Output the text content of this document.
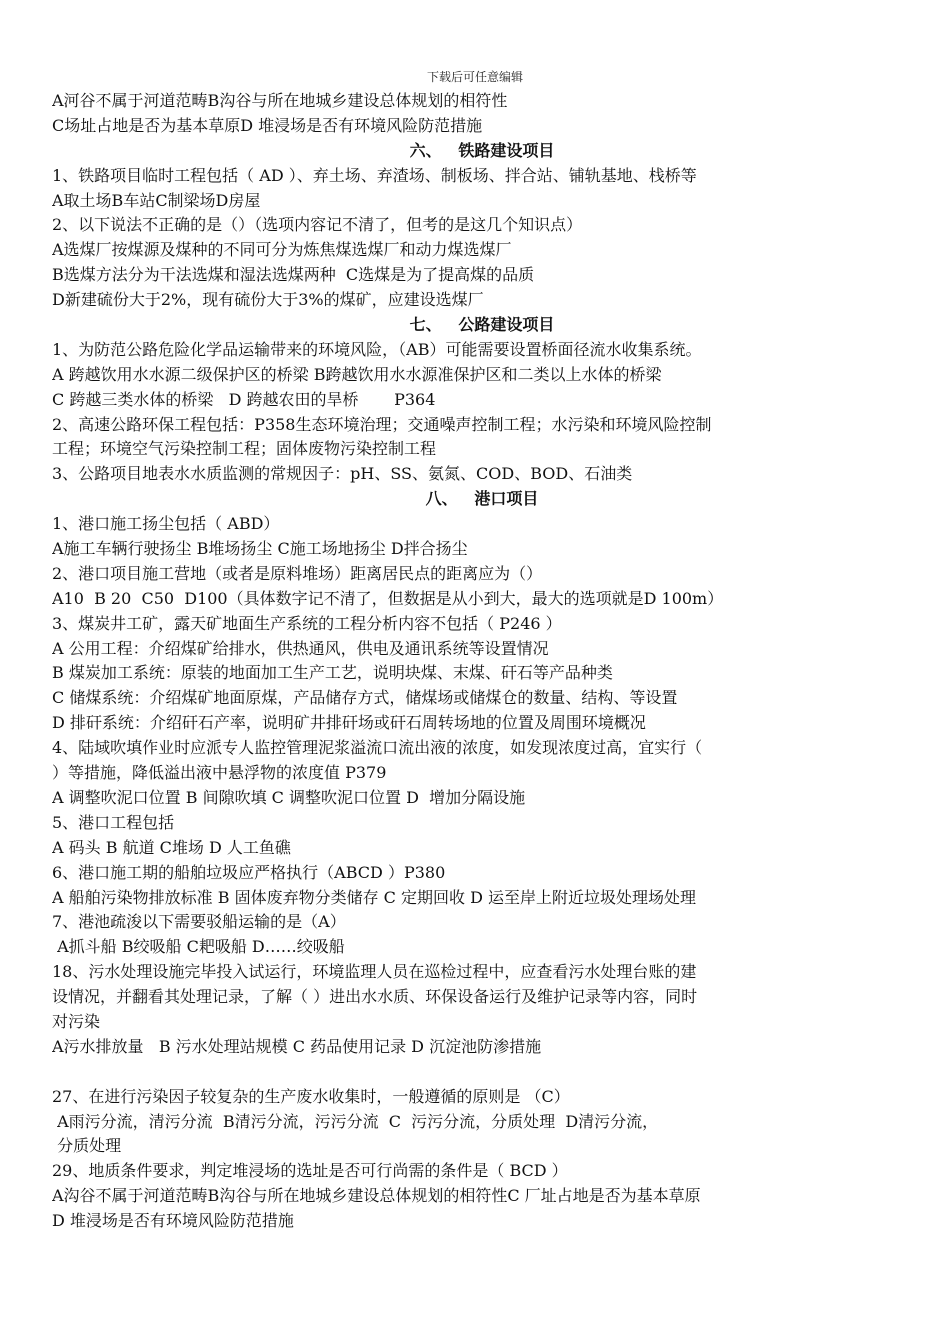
下载后可任意编辑
A河谷不属于河道范畴B沟谷与所在地城乡建设总体规划的相符性
C场址占地是否为基本草原D 堆浸场是否有环境风险防范措施
六、   铁路建设项目
1、铁路项目临时工程包括（ AD ）、弃土场、弃渣场、制板场、拌合站、铺轨基地、栈桥等
A取土场B车站C制梁场D房屋
2、以下说法不正确的是（）（选项内容记不清了，但考的是这几个知识点）
A选煤厂按煤源及煤种的不同可分为炼焦煤选煤厂和动力煤选煤厂
B选煤方法分为干法选煤和湿法选煤两种  C选煤是为了提高煤的品质
D新建硫份大于2%，现有硫份大于3%的煤矿，应建设选煤厂
七、   公路建设项目
1、为防范公路危险化学品运输带来的环境风险，（AB）可能需要设置桥面径流水收集系统。
A 跨越饮用水水源二级保护区的桥梁 B跨越饮用水水源准保护区和二类以上水体的桥梁
C 跨越三类水体的桥梁   D 跨越农田的旱桥       P364
2、高速公路环保工程包括：P358生态环境治理；交通噪声控制工程；水污染和环境风险控制
工程；环境空气污染控制工程；固体废物污染控制工程
3、公路项目地表水水质监测的常规因子：pH、SS、氨氮、COD、BOD、石油类
八、   港口项目
1、港口施工扬尘包括（ ABD）
A施工车辆行驶扬尘 B堆场扬尘 C施工场地扬尘 D拌合扬尘
2、港口项目施工营地（或者是原料堆场）距离居民点的距离应为（）
A10  B 20  C50  D100（具体数字记不清了，但数据是从小到大，最大的选项就是D 100m）
3、煤炭井工矿，露天矿地面生产系统的工程分析内容不包括（ P246 ）
A 公用工程：介绍煤矿给排水，供热通风，供电及通讯系统等设置情况
B 煤炭加工系统：原装的地面加工生产工艺，说明块煤、末煤、矸石等产品种类
C 储煤系统：介绍煤矿地面原煤，产品储存方式，储煤场或储煤仓的数量、结构、等设置
D 排矸系统：介绍矸石产率，说明矿井排矸场或矸石周转场地的位置及周围环境概况
4、陆域吹填作业时应派专人监控管理泥浆溢流口流出液的浓度，如发现浓度过高，宜实行（
）等措施，降低溢出液中悬浮物的浓度值 P379
A 调整吹泥口位置 B 间隙吹填 C 调整吹泥口位置 D  增加分隔设施
5、港口工程包括
A 码头 B 航道 C堆场 D 人工鱼礁
6、港口施工期的船舶垃圾应严格执行（ABCD ）P380
A 船舶污染物排放标准 B 固体废弃物分类储存 C 定期回收 D 运至岸上附近垃圾处理场处理
7、港池疏浚以下需要驳船运输的是（A）
A抓斗船 B绞吸船 C耙吸船 D……绞吸船
18、污水处理设施完毕投入试运行，环境监理人员在巡检过程中，应查看污水处理台账的建
设情况，并翻看其处理记录，了解（ ）进出水水质、环保设备运行及维护记录等内容，同时
对污染
A污水排放量   B 污水处理站规模 C 药品使用记录 D 沉淀池防渗措施
27、在进行污染因子较复杂的生产废水收集时，一般遵循的原则是 （C）
A雨污分流，清污分流  B清污分流，污污分流  C  污污分流，分质处理  D清污分流，
分质处理
29、地质条件要求，判定堆浸场的选址是否可行尚需的条件是（ BCD ）
A沟谷不属于河道范畴B沟谷与所在地城乡建设总体规划的相符性C 厂址占地是否为基本草原
D 堆浸场是否有环境风险防范措施
